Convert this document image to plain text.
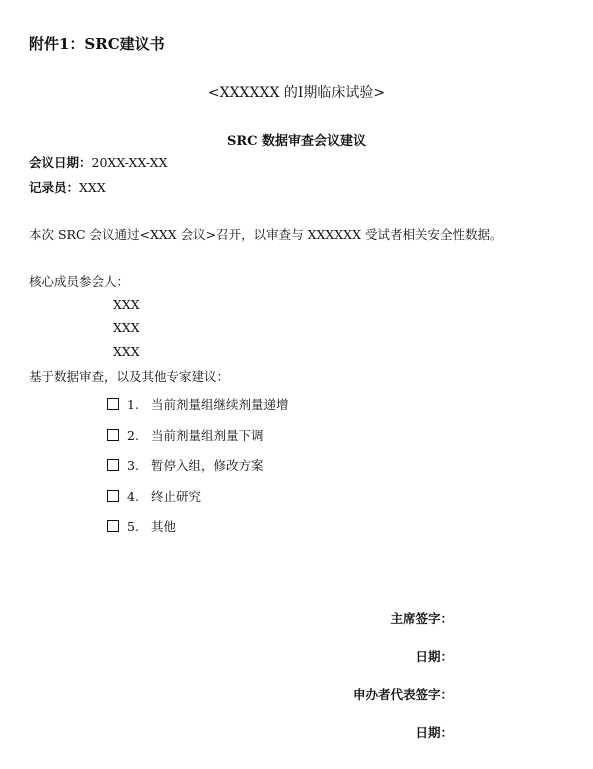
附件1：SRC建议书
<XXXXXX 的I期临床试验>
SRC 数据审查会议建议
会议日期：20XX-XX-XX
记录员：XXX
本次 SRC 会议通过<XXX 会议>召开，以审查与 XXXXXX 受试者相关安全性数据。
核心成员参会人：
XXX
XXX
XXX
基于数据审查，以及其他专家建议：
1. 当前剂量组继续剂量递增
2. 当前剂量组剂量下调
3. 暂停入组，修改方案
4. 终止研究
5. 其他
主席签字：
日期：
申办者代表签字：
日期：
